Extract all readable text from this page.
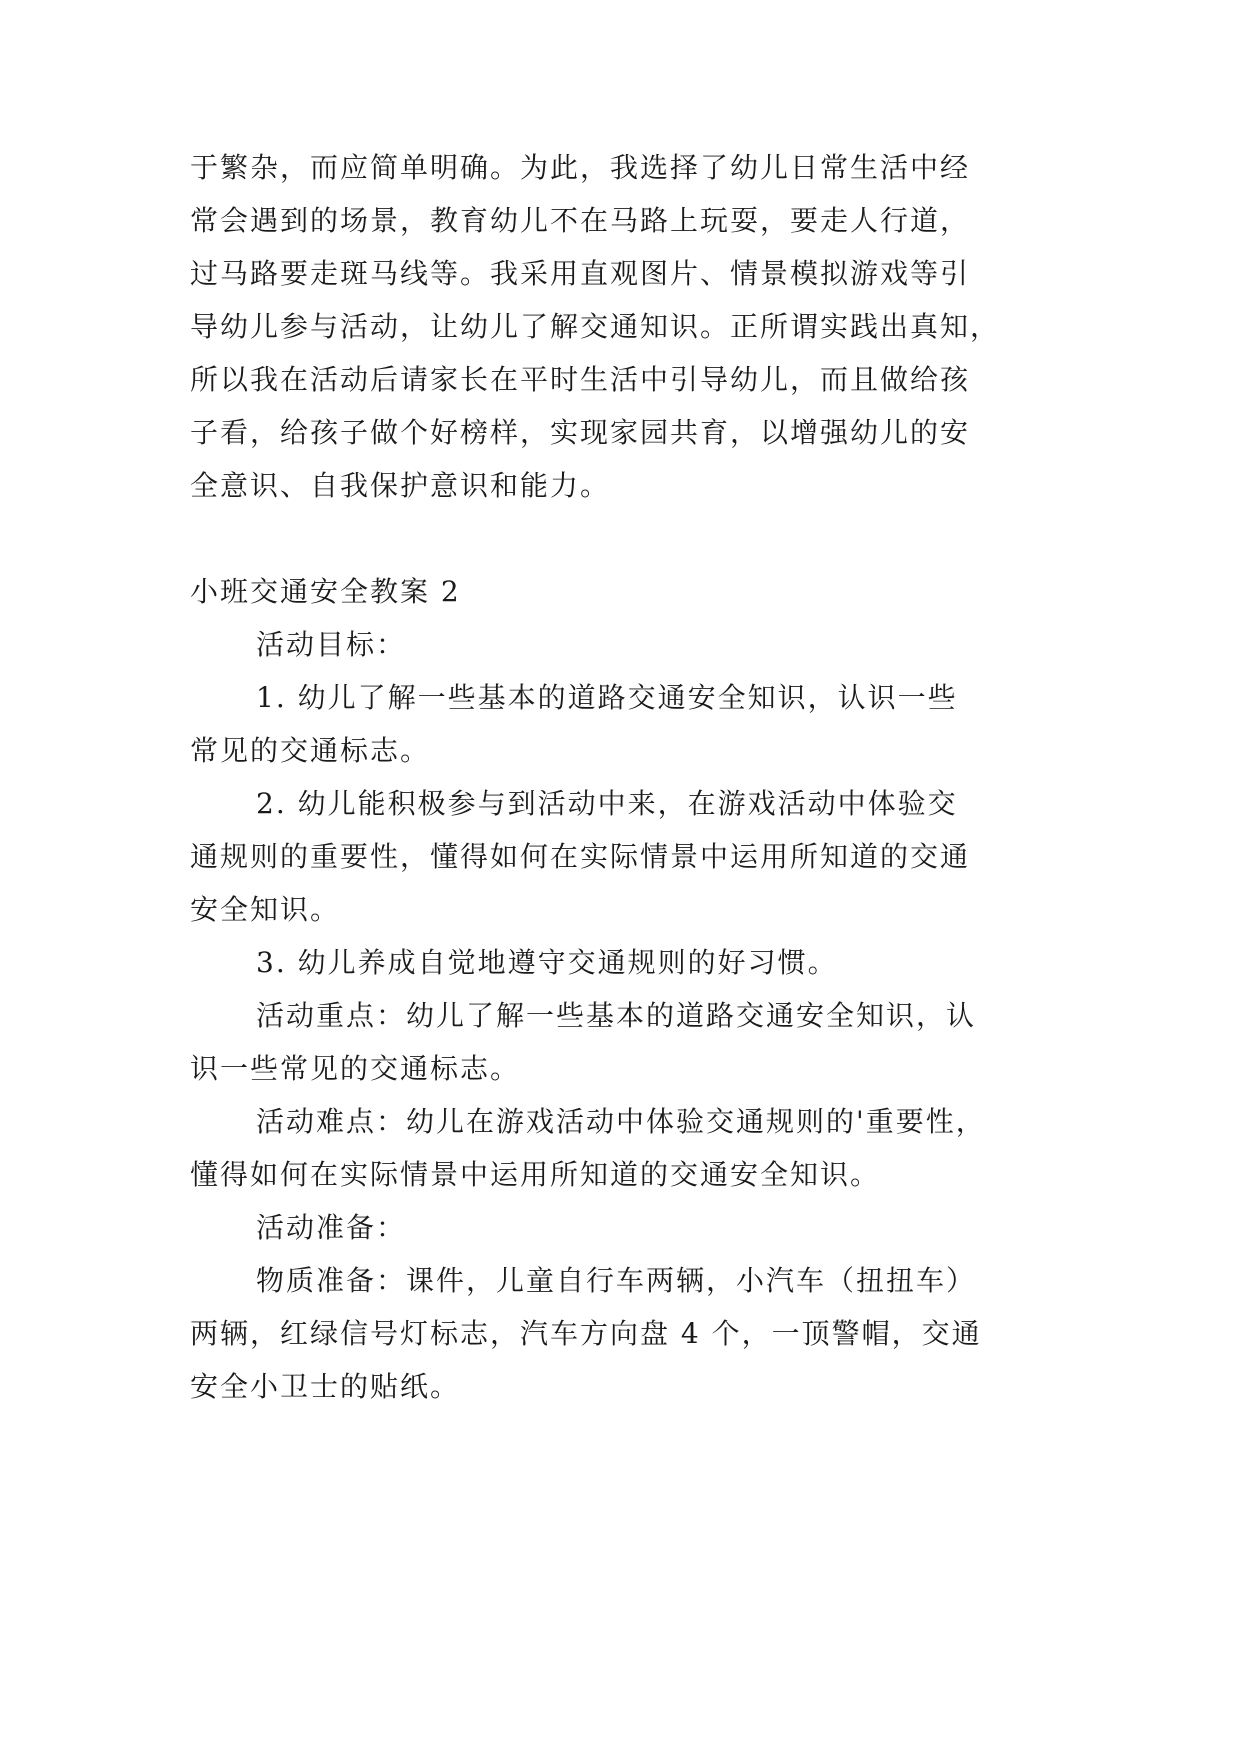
于繁杂，而应简单明确。为此，我选择了幼儿日常生活中经
常会遇到的场景，教育幼儿不在马路上玩耍，要走人行道，
过马路要走斑马线等。我采用直观图片、情景模拟游戏等引
导幼儿参与活动，让幼儿了解交通知识。正所谓实践出真知，
所以我在活动后请家长在平时生活中引导幼儿，而且做给孩
子看，给孩子做个好榜样，实现家园共育，以增强幼儿的安
全意识、自我保护意识和能力。
小班交通安全教案 2
活动目标：
1. 幼儿了解一些基本的道路交通安全知识，认识一些
常见的交通标志。
2. 幼儿能积极参与到活动中来，在游戏活动中体验交
通规则的重要性，懂得如何在实际情景中运用所知道的交通
安全知识。
3. 幼儿养成自觉地遵守交通规则的好习惯。
活动重点：幼儿了解一些基本的道路交通安全知识，认
识一些常见的交通标志。
活动难点：幼儿在游戏活动中体验交通规则的'重要性，
懂得如何在实际情景中运用所知道的交通安全知识。
活动准备：
物质准备：课件，儿童自行车两辆，小汽车（扭扭车）
两辆，红绿信号灯标志，汽车方向盘 4 个，一顶警帽，交通
安全小卫士的贴纸。
